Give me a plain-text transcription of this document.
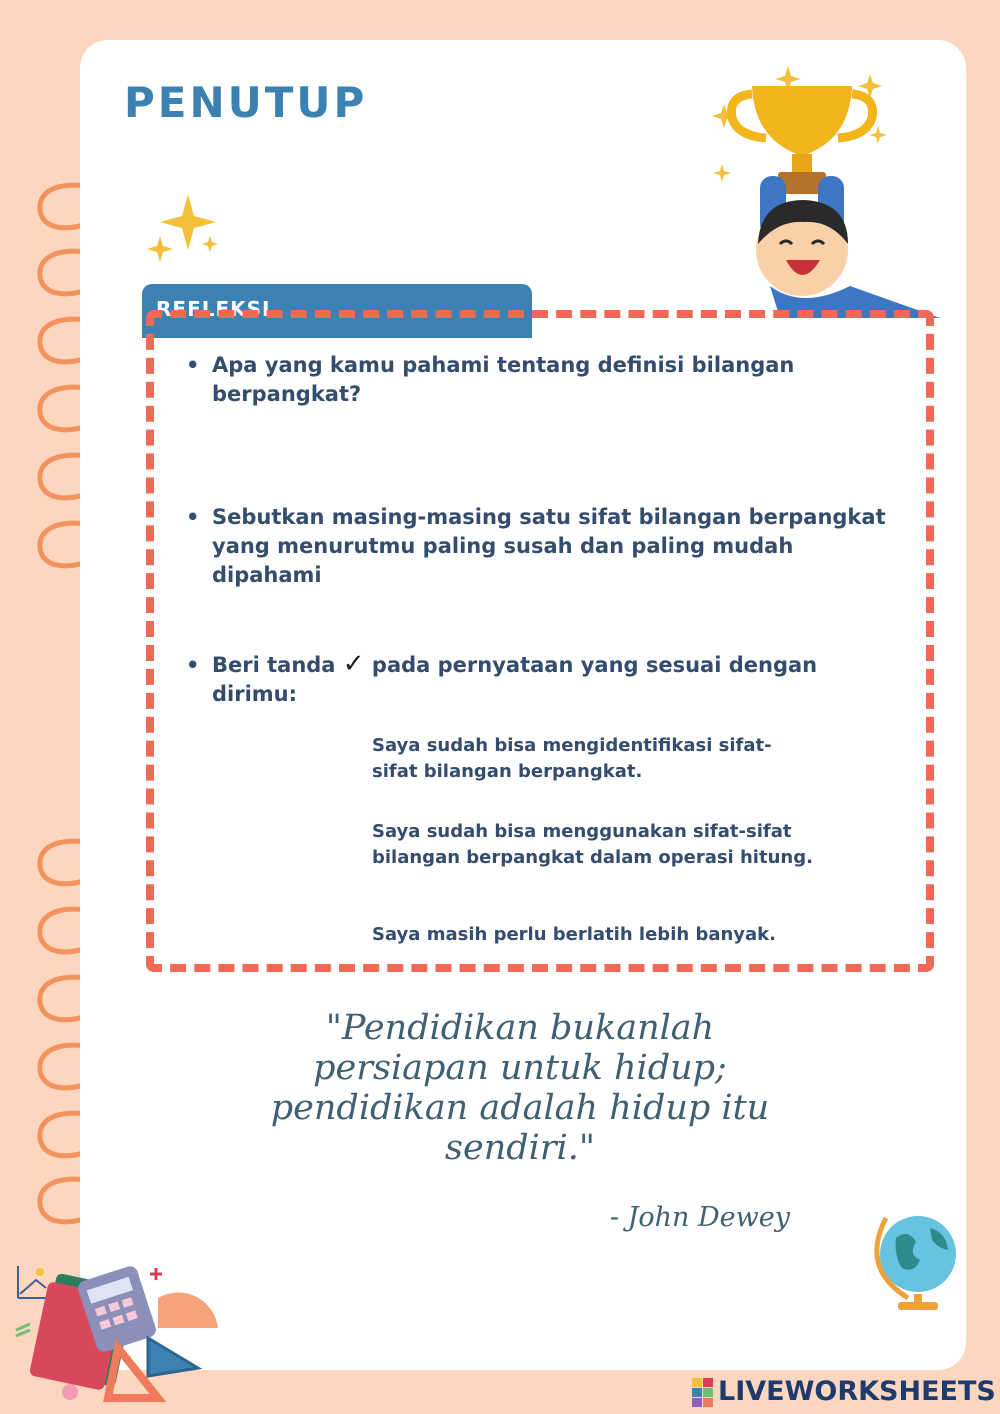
PENUTUP
REFLEKSI
• Apa yang kamu pahami tentang definisi bilangan berpangkat?
• Sebutkan masing-masing satu sifat bilangan berpangkat yang menurutmu paling susah dan paling mudah dipahami
• Beri tanda ✓ pada pernyataan yang sesuai dengan dirimu:
Saya sudah bisa mengidentifikasi sifat-sifat bilangan berpangkat.
Saya sudah bisa menggunakan sifat-sifat bilangan berpangkat dalam operasi hitung.
Saya masih perlu berlatih lebih banyak.

"Pendidikan bukanlah persiapan untuk hidup; pendidikan adalah hidup itu sendiri."

- John Dewey
LIVEWORKSHEETS
